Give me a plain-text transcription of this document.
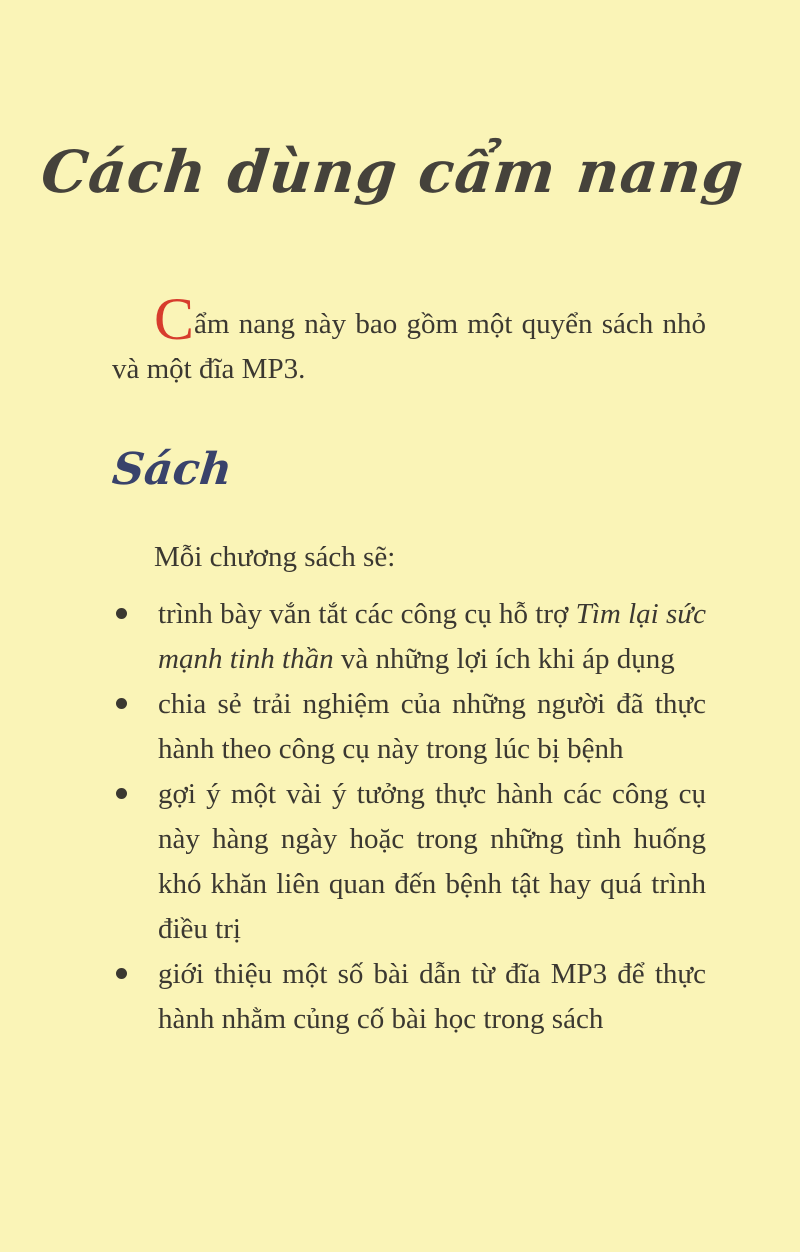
Cách dùng cẩm nang

Cẩm nang này bao gồm một quyển sách nhỏ và một đĩa MP3.

Sách

Mỗi chương sách sẽ:

trình bày vắn tắt các công cụ hỗ trợ Tìm lại sức mạnh tinh thần và những lợi ích khi áp dụng
chia sẻ trải nghiệm của những người đã thực hành theo công cụ này trong lúc bị bệnh
gợi ý một vài ý tưởng thực hành các công cụ này hàng ngày hoặc trong những tình huống khó khăn liên quan đến bệnh tật hay quá trình điều trị
giới thiệu một số bài dẫn từ đĩa MP3 để thực hành nhằm củng cố bài học trong sách
